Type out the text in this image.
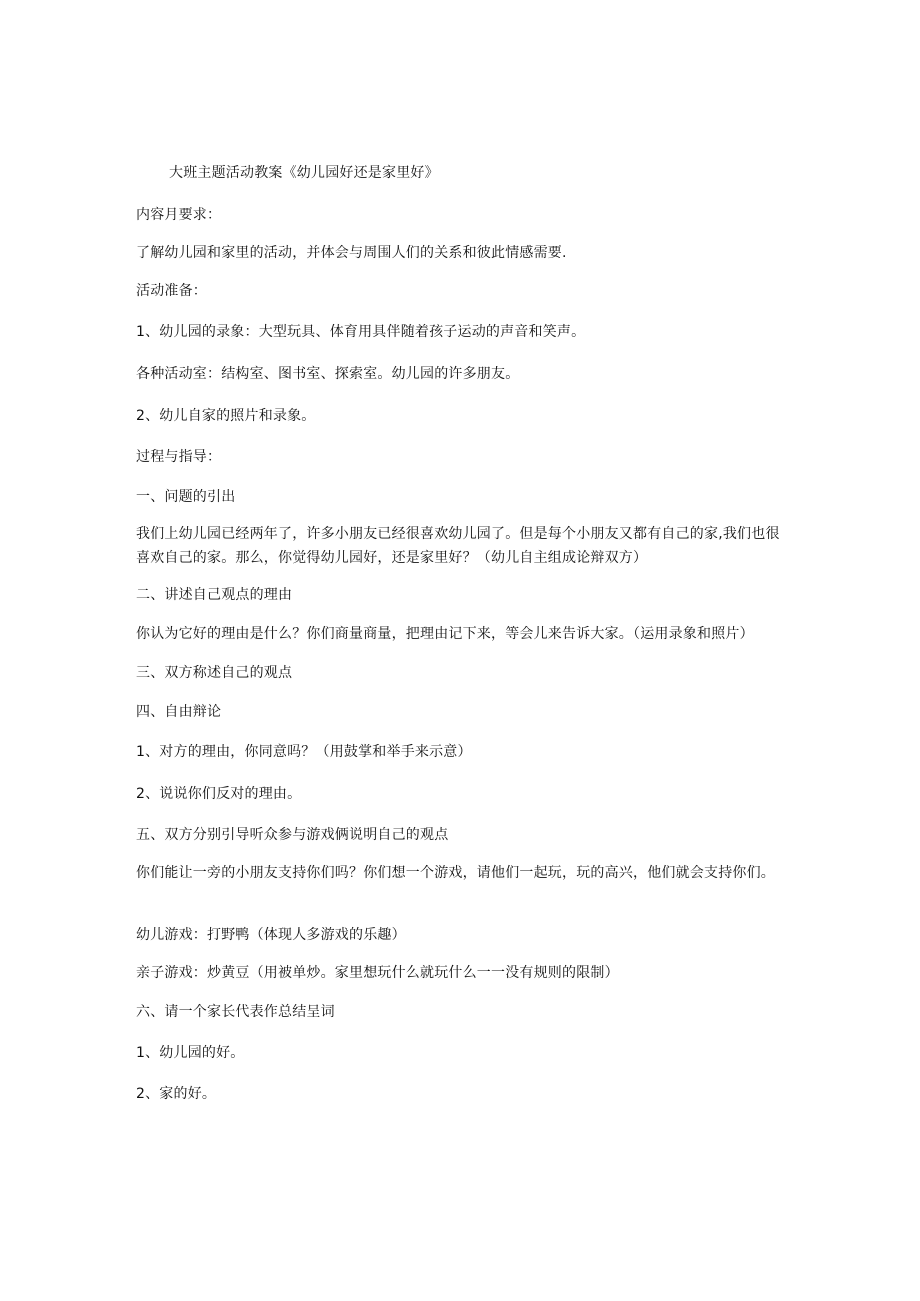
大班主题活动教案《幼儿园好还是家里好》
内容月要求：
了解幼儿园和家里的活动，并体会与周围人们的关系和彼此情感需要.
活动准备：
1、幼儿园的录象：大型玩具、体育用具伴随着孩子运动的声音和笑声。
各种活动室：结构室、图书室、探索室。幼儿园的许多朋友。
2、幼儿自家的照片和录象。
过程与指导：
一、问题的引出
我们上幼儿园已经两年了，许多小朋友已经很喜欢幼儿园了。但是每个小朋友又都有自己的家,我们也很喜欢自己的家。那么，你觉得幼儿园好，还是家里好？（幼儿自主组成论辩双方）
二、讲述自己观点的理由
你认为它好的理由是什么？你们商量商量，把理由记下来，等会儿来告诉大家。（运用录象和照片）
三、双方称述自己的观点
四、自由辩论
1、对方的理由，你同意吗？（用鼓掌和举手来示意）
2、说说你们反对的理由。
五、双方分别引导听众参与游戏俩说明自己的观点
你们能让一旁的小朋友支持你们吗？你们想一个游戏，请他们一起玩，玩的高兴，他们就会支持你们。
幼儿游戏：打野鸭（体现人多游戏的乐趣）
亲子游戏：炒黄豆（用被单炒。家里想玩什么就玩什么一一没有规则的限制）
六、请一个家长代表作总结呈词
1、幼儿园的好。
2、家的好。
